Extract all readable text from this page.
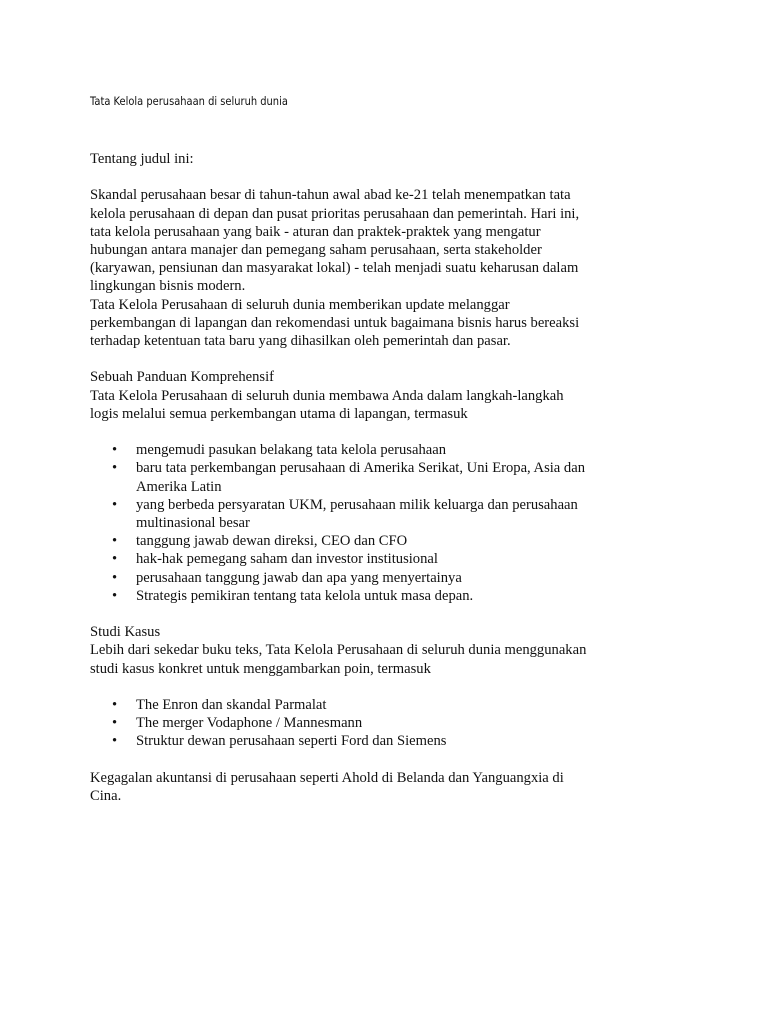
Tata Kelola perusahaan di seluruh dunia

Tentang judul ini:

Skandal perusahaan besar di tahun-tahun awal abad ke-21 telah menempatkan tata
kelola perusahaan di depan dan pusat prioritas perusahaan dan pemerintah. Hari ini,
tata kelola perusahaan yang baik - aturan dan praktek-praktek yang mengatur
hubungan antara manajer dan pemegang saham perusahaan, serta stakeholder
(karyawan, pensiunan dan masyarakat lokal) - telah menjadi suatu keharusan dalam
lingkungan bisnis modern.

Tata Kelola Perusahaan di seluruh dunia memberikan update melanggar
perkembangan di lapangan dan rekomendasi untuk bagaimana bisnis harus bereaksi
terhadap ketentuan tata baru yang dihasilkan oleh pemerintah dan pasar.

Sebuah Panduan Komprehensif

Tata Kelola Perusahaan di seluruh dunia membawa Anda dalam langkah-langkah
logis melalui semua perkembangan utama di lapangan, termasuk

• mengemudi pasukan belakang tata kelola perusahaan
• baru tata perkembangan perusahaan di Amerika Serikat, Uni Eropa, Asia dan
Amerika Latin
• yang berbeda persyaratan UKM, perusahaan milik keluarga dan perusahaan
multinasional besar
• tanggung jawab dewan direksi, CEO dan CFO
• hak-hak pemegang saham dan investor institusional
• perusahaan tanggung jawab dan apa yang menyertainya
• Strategis pemikiran tentang tata kelola untuk masa depan.

Studi Kasus

Lebih dari sekedar buku teks, Tata Kelola Perusahaan di seluruh dunia menggunakan
studi kasus konkret untuk menggambarkan poin, termasuk

• The Enron dan skandal Parmalat
• The merger Vodaphone / Mannesmann
• Struktur dewan perusahaan seperti Ford dan Siemens

Kegagalan akuntansi di perusahaan seperti Ahold di Belanda dan Yanguangxia di
Cina.
